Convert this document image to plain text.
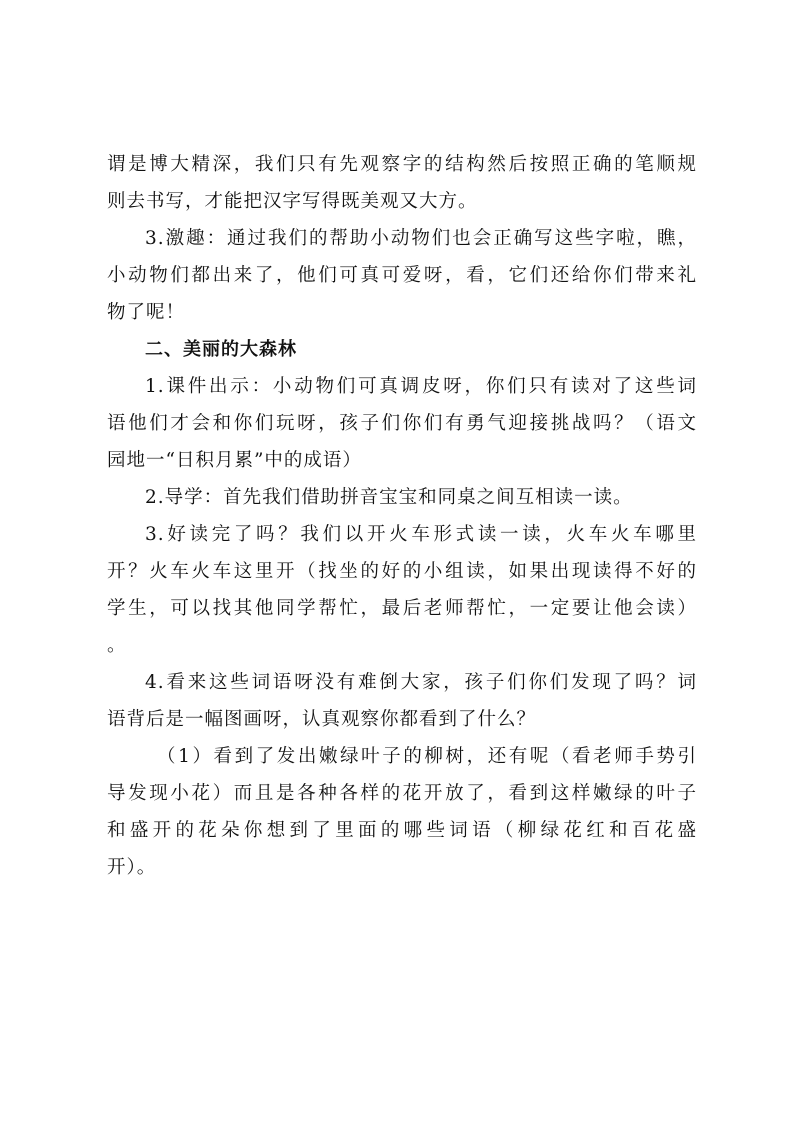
谓是博大精深，我们只有先观察字的结构然后按照正确的笔顺规
则去书写，才能把汉字写得既美观又大方。
3.激趣：通过我们的帮助小动物们也会正确写这些字啦，瞧，
小动物们都出来了，他们可真可爱呀，看，它们还给你们带来礼
物了呢！
二、美丽的大森林
1.课件出示：小动物们可真调皮呀，你们只有读对了这些词
语他们才会和你们玩呀，孩子们你们有勇气迎接挑战吗？（语文
园地一“日积月累”中的成语）
2.导学：首先我们借助拼音宝宝和同桌之间互相读一读。
3.好读完了吗？我们以开火车形式读一读，火车火车哪里
开？火车火车这里开（找坐的好的小组读，如果出现读得不好的
学生，可以找其他同学帮忙，最后老师帮忙，一定要让他会读）
。
4.看来这些词语呀没有难倒大家，孩子们你们发现了吗？词
语背后是一幅图画呀，认真观察你都看到了什么？
（1）看到了发出嫩绿叶子的柳树，还有呢（看老师手势引
导发现小花）而且是各种各样的花开放了，看到这样嫩绿的叶子
和盛开的花朵你想到了里面的哪些词语（柳绿花红和百花盛
开）。
